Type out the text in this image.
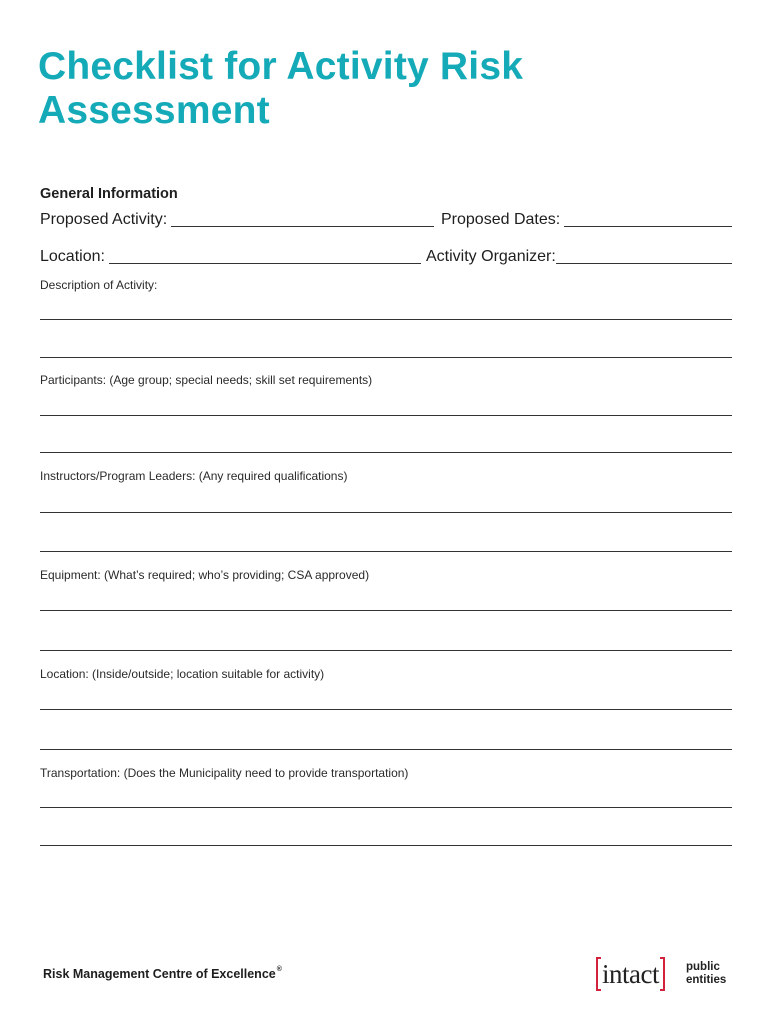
Checklist for Activity Risk
Assessment
General Information
Proposed Activity:	Proposed Dates:
Location:	Activity Organizer:
Description of Activity:
Participants: (Age group; special needs; skill set requirements)
Instructors/Program Leaders: (Any required qualifications)
Equipment: (What’s required; who’s providing; CSA approved)
Location: (Inside/outside; location suitable for activity)
Transportation: (Does the Municipality need to provide transportation)
Risk Management Centre of Excellence®	intact public
entities
